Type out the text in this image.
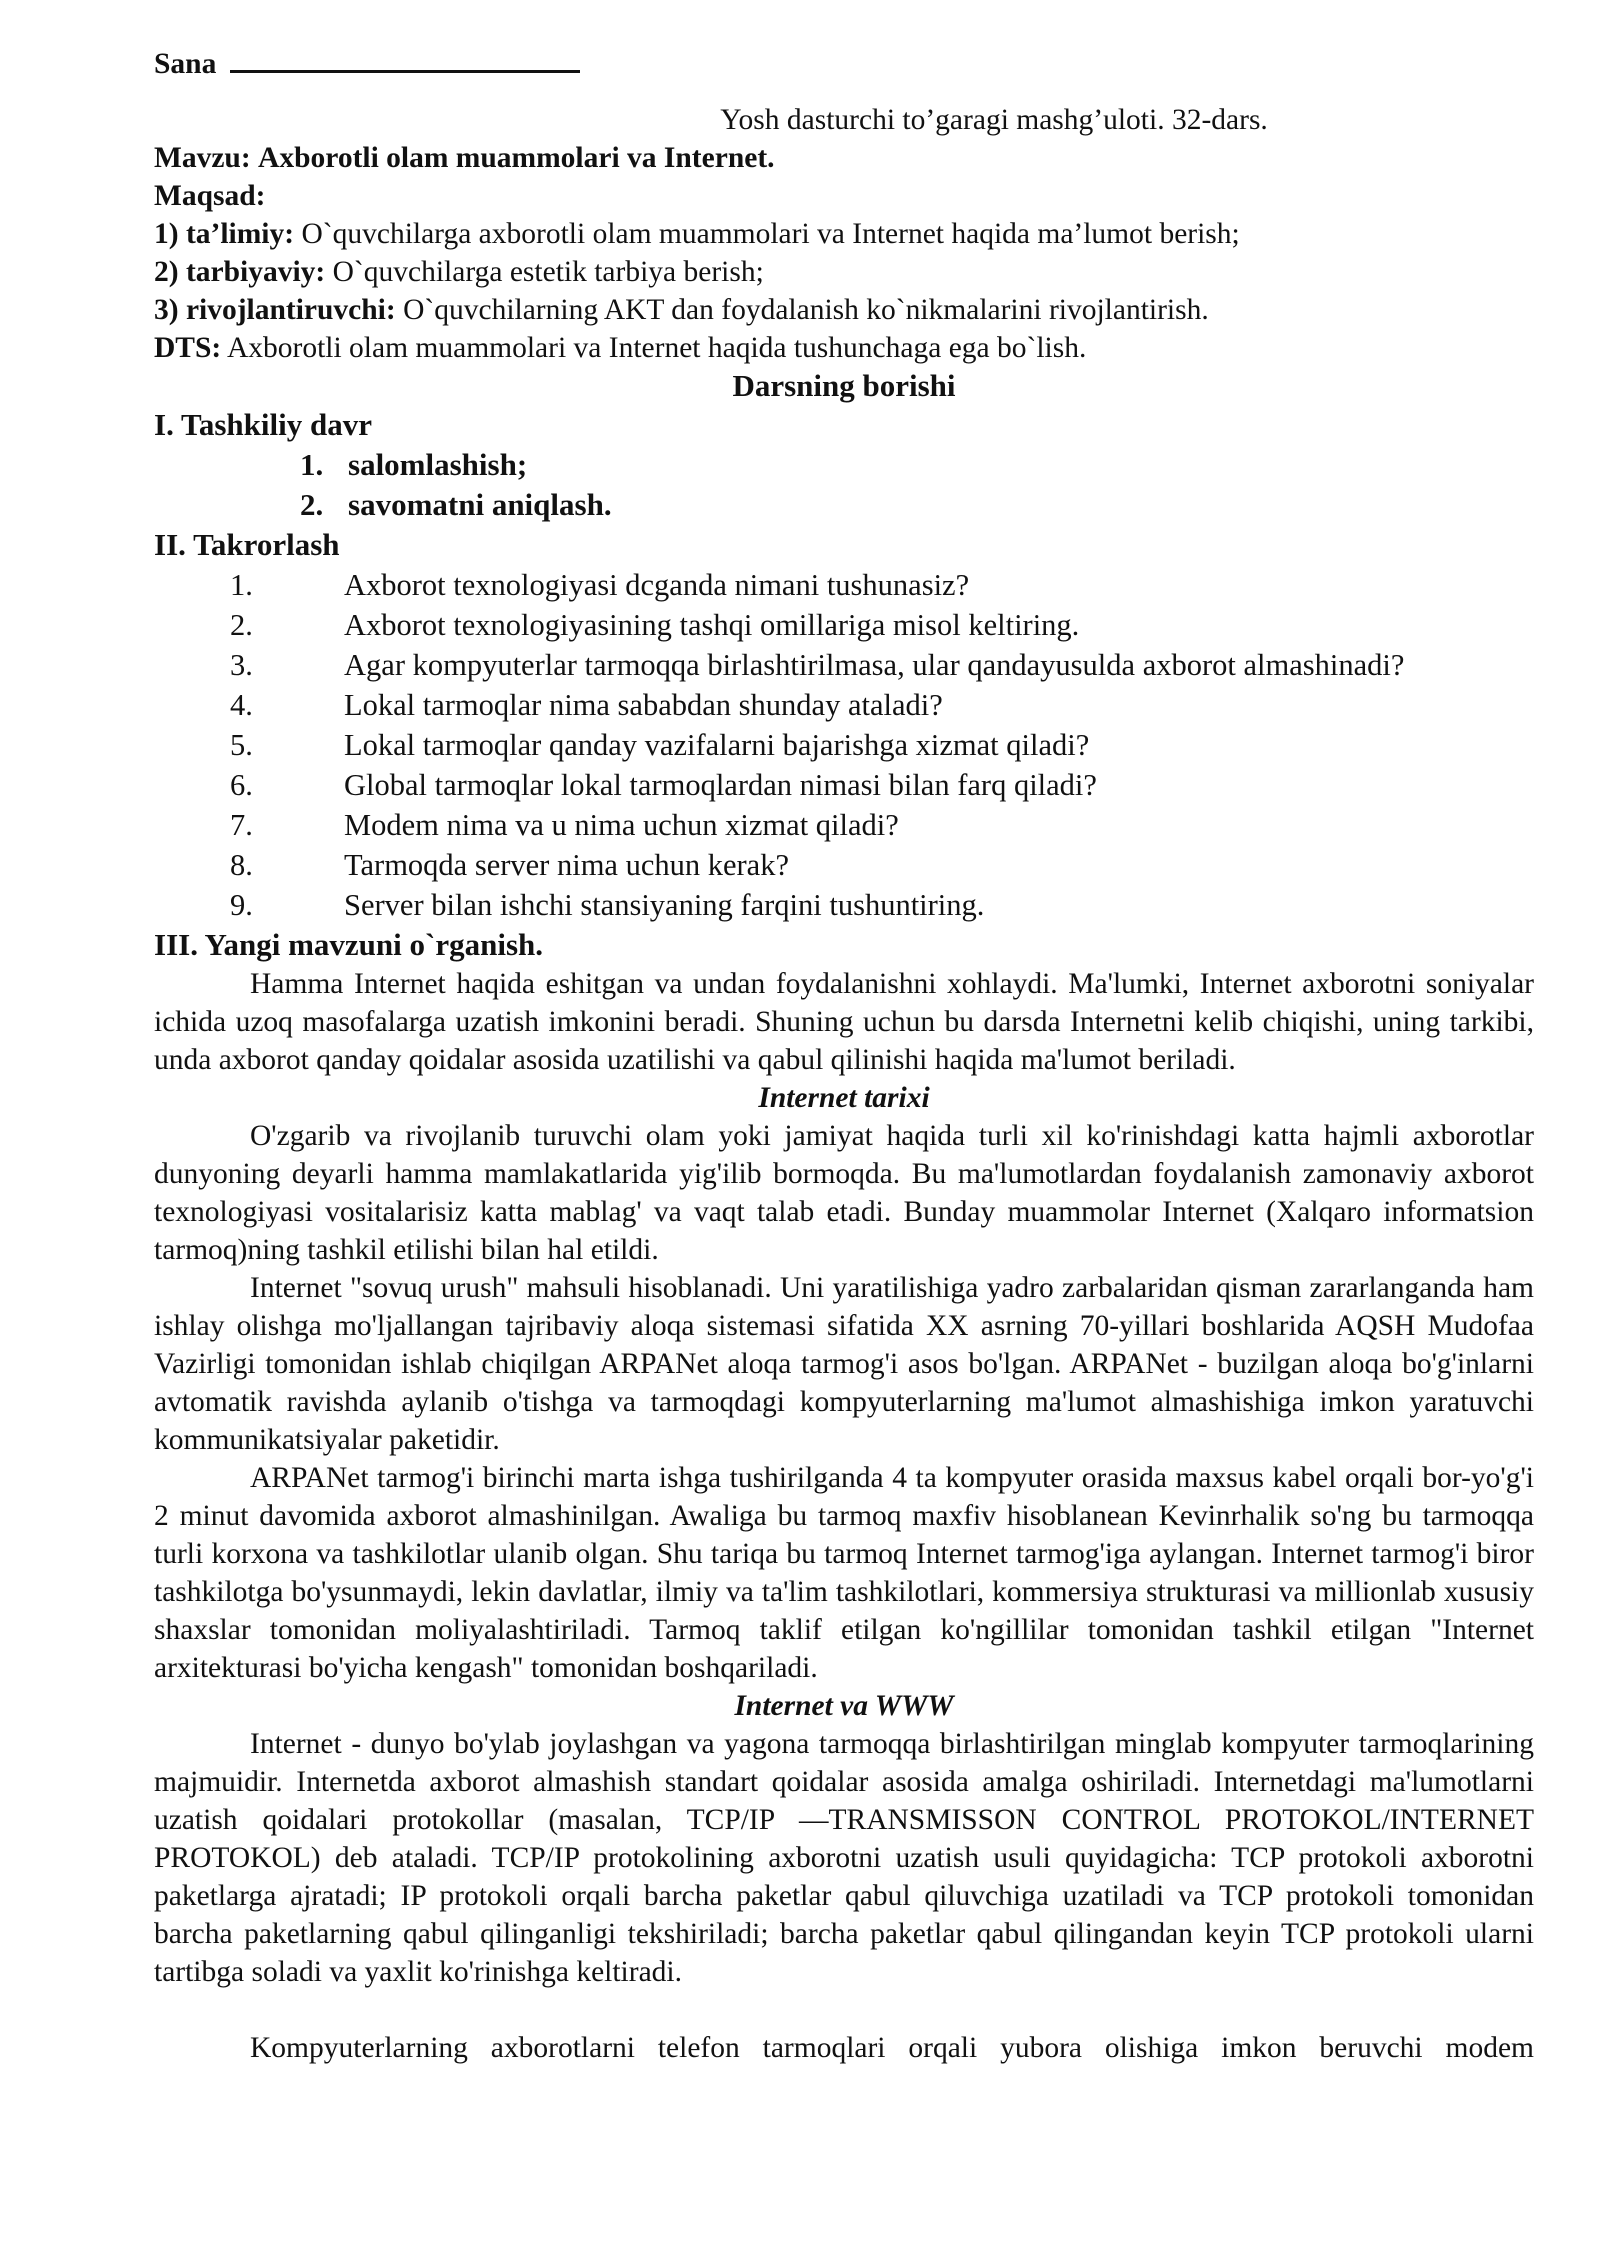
Sana
Yosh dasturchi to’garagi mashg’uloti. 32-dars.

Mavzu: Axborotli olam muammolari va Internet.

Maqsad:

1) ta’limiy: O`quvchilarga axborotli olam muammolari va Internet haqida ma’lumot berish;

2) tarbiyaviy: O`quvchilarga estetik tarbiya berish;

3) rivojlantiruvchi: O`quvchilarning AKT dan foydalanish ko`nikmalarini rivojlantirish.

DTS: Axborotli olam muammolari va Internet haqida tushunchaga ega bo`lish.

Darsning borishi

I. Tashkiliy davr
1. salomlashish;
2. savomatni aniqlash.
II. Takrorlash
1.	Axborot texnologiyasi dcganda nimani tushunasiz?
2.	Axborot texnologiyasining tashqi omillariga misol keltiring.
3.	Agar kompyuterlar tarmoqqa birlashtirilmasa, ular qandayusulda axborot almashinadi?
4.	Lokal tarmoqlar nima sababdan shunday ataladi?
5.	Lokal tarmoqlar qanday vazifalarni bajarishga xizmat qiladi?
6.	Global tarmoqlar lokal tarmoqlardan nimasi bilan farq qiladi?
7.	Modem nima va u nima uchun xizmat qiladi?
8.	Tarmoqda server nima uchun kerak?
9.	Server bilan ishchi stansiyaning farqini tushuntiring.
III. Yangi mavzuni o`rganish.

Hamma Internet haqida eshitgan va undan foydalanishni xohlaydi. Ma'lumki, Internet axborotni soniyalar ichida uzoq masofalarga uzatish imkonini beradi. Shuning uchun bu darsda Internetni kelib chiqishi, uning tarkibi, unda axborot qanday qoidalar asosida uzatilishi va qabul qilinishi haqida ma'lumot beriladi.

Internet tarixi

O'zgarib va rivojlanib turuvchi olam yoki jamiyat haqida turli xil ko'rinishdagi katta hajmli axborotlar dunyoning deyarli hamma mamlakatlarida yig'ilib bormoqda. Bu ma'lumotlardan foydalanish zamonaviy axborot texnologiyasi vositalarisiz katta mablag' va vaqt talab etadi. Bunday muammolar Internet (Xalqaro informatsion tarmoq)ning tashkil etilishi bilan hal etildi.

Internet "sovuq urush" mahsuli hisoblanadi. Uni yaratilishiga yadro zarbalaridan qisman zararlanganda ham ishlay olishga mo'ljallangan tajribaviy aloqa sistemasi sifatida XX asrning 70-yillari boshlarida AQSH Mudofaa Vazirligi tomonidan ishlab chiqilgan ARPANet aloqa tarmog'i asos bo'lgan. ARPANet - buzilgan aloqa bo'g'inlarni avtomatik ravishda aylanib o'tishga va tarmoqdagi kompyuterlarning ma'lumot almashishiga imkon yaratuvchi kommunikatsiyalar paketidir.

ARPANet tarmog'i birinchi marta ishga tushirilganda 4 ta kompyuter orasida maxsus kabel orqali bor-yo'g'i 2 minut davomida axborot almashinilgan. Awaliga bu tarmoq maxfiv hisoblanean Kevinrhalik so'ng bu tarmoqqa turli korxona va tashkilotlar ulanib olgan. Shu tariqa bu tarmoq Internet tarmog'iga aylangan. Internet tarmog'i biror tashkilotga bo'ysunmaydi, lekin davlatlar, ilmiy va ta'lim tashkilotlari, kommersiya strukturasi va millionlab xususiy shaxslar tomonidan moliyalashtiriladi. Tarmoq taklif etilgan ko'ngillilar tomonidan tashkil etilgan "Internet arxitekturasi bo'yicha kengash" tomonidan boshqariladi.

Internet va WWW

Internet - dunyo bo'ylab joylashgan va yagona tarmoqqa birlashtirilgan minglab kompyuter tarmoqlarining majmuidir. Internetda axborot almashish standart qoidalar asosida amalga oshiriladi. Internetdagi ma'lumotlarni uzatish qoidalari protokollar (masalan, TCP/IP —TRANSMISSON CONTROL PROTOKOL/INTERNET PROTOKOL) deb ataladi. TCP/IP protokolining axborotni uzatish usuli quyidagicha: TCP protokoli axborotni paketlarga ajratadi; IP protokoli orqali barcha paketlar qabul qiluvchiga uzatiladi va TCP protokoli tomonidan barcha paketlarning qabul qilinganligi tekshiriladi; barcha paketlar qabul qilingandan keyin TCP protokoli ularni tartibga soladi va yaxlit ko'rinishga keltiradi.

Kompyuterlarning axborotlarni telefon tarmoqlari orqali yubora olishiga imkon beruvchi modem
